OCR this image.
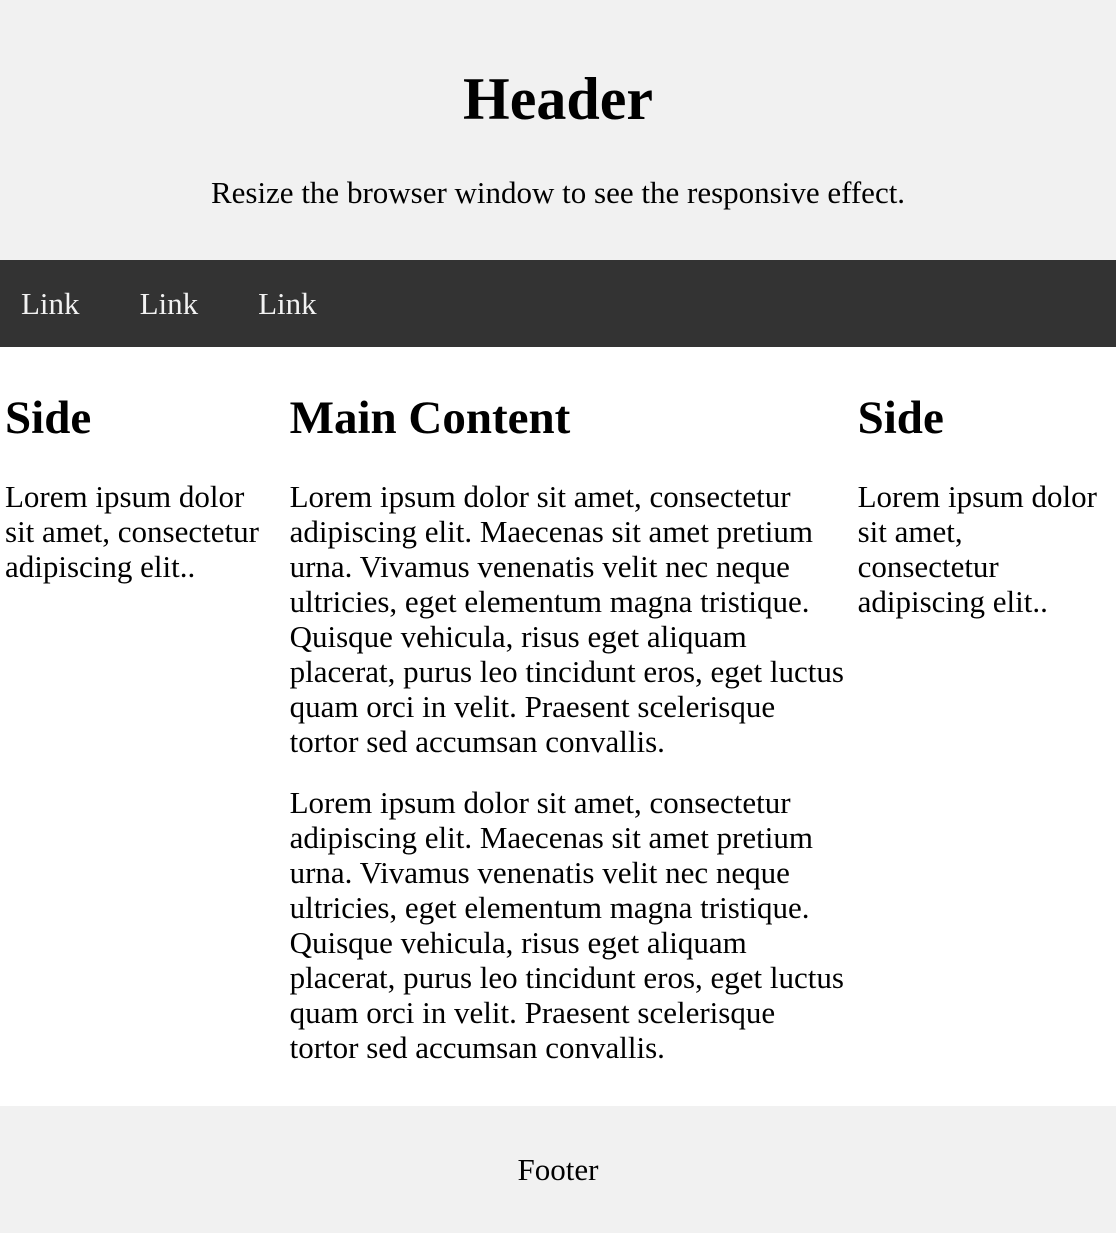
Header

Resize the browser window to see the responsive effect.

Link	Link	Link
Side

Lorem ipsum dolor sit amet, consectetur adipiscing elit..

Main Content

Lorem ipsum dolor sit amet, consectetur adipiscing elit. Maecenas sit amet pretium urna. Vivamus venenatis velit nec neque ultricies, eget elementum magna tristique. Quisque vehicula, risus eget aliquam placerat, purus leo tincidunt eros, eget luctus quam orci in velit. Praesent scelerisque tortor sed accumsan convallis.

Lorem ipsum dolor sit amet, consectetur adipiscing elit. Maecenas sit amet pretium urna. Vivamus venenatis velit nec neque ultricies, eget elementum magna tristique. Quisque vehicula, risus eget aliquam placerat, purus leo tincidunt eros, eget luctus quam orci in velit. Praesent scelerisque tortor sed accumsan convallis.

Side

Lorem ipsum dolor sit amet, consectetur adipiscing elit..

Footer
